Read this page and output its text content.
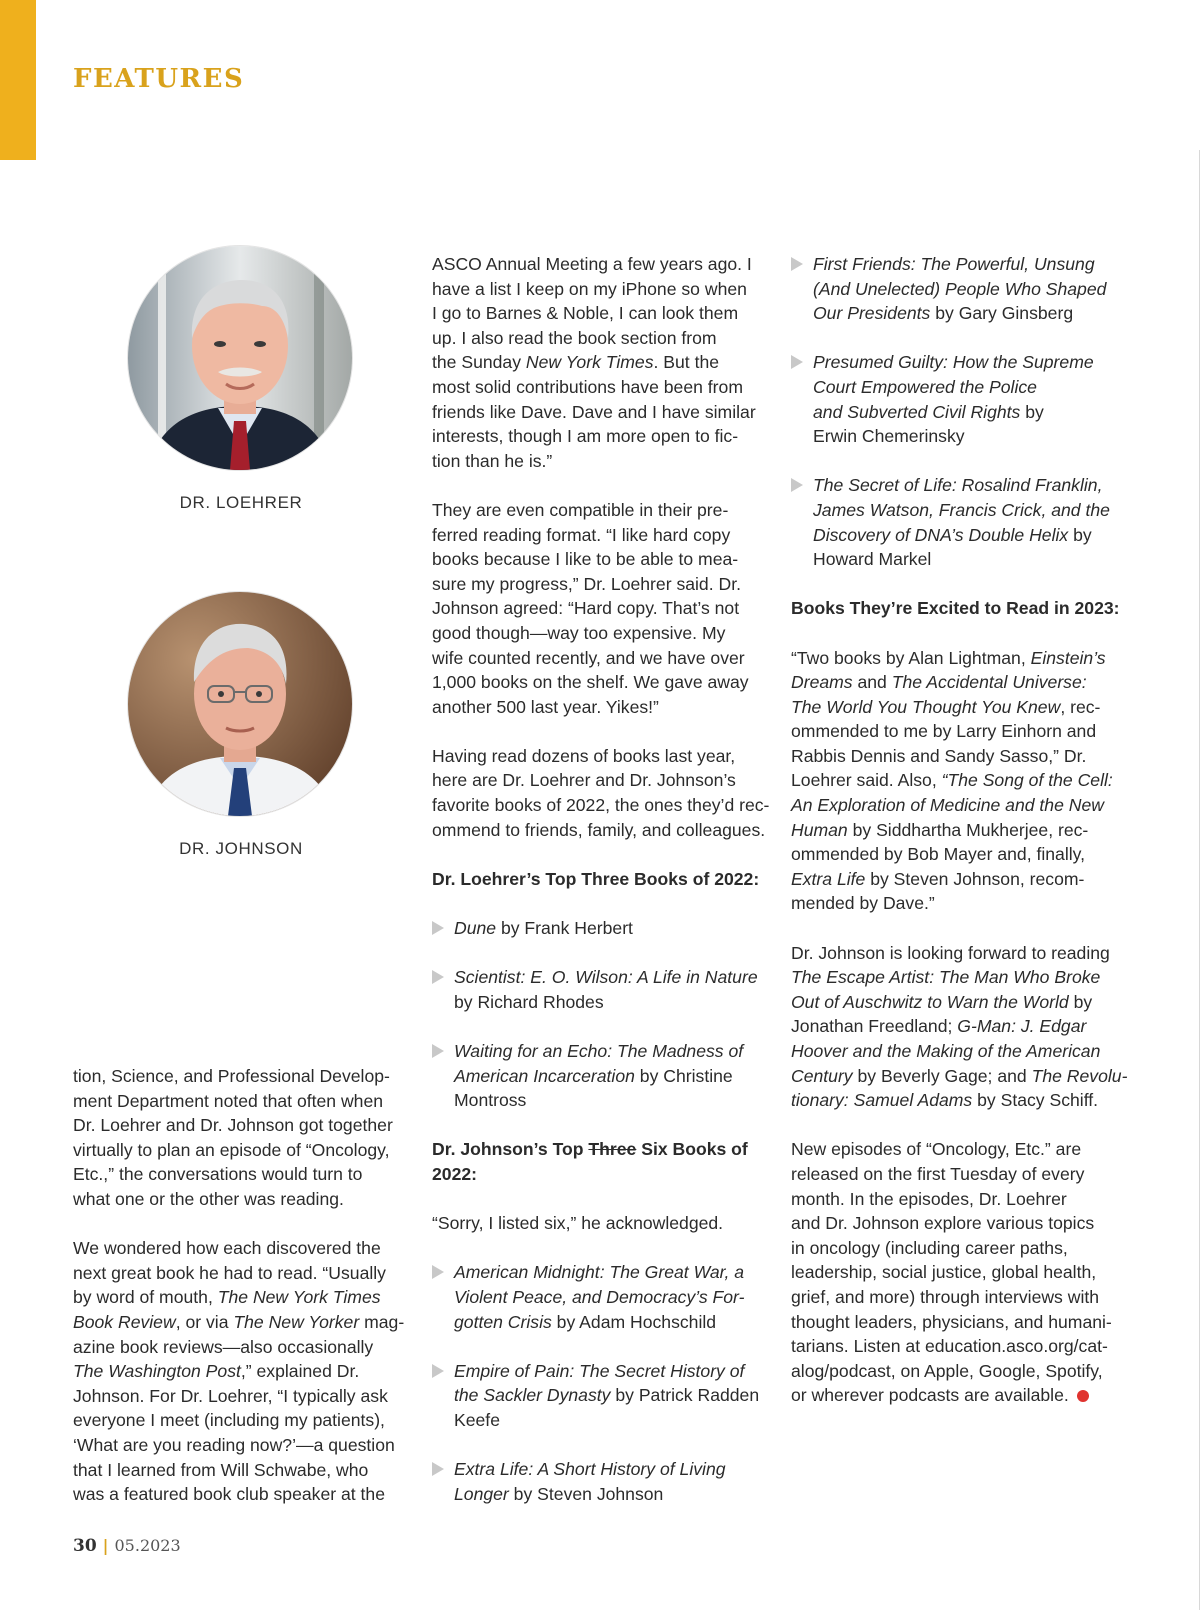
FEATURES
DR. LOEHRER
DR. JOHNSON

tion, Science, and Professional Develop-
ment Department noted that often when
Dr. Loehrer and Dr. Johnson got together
virtually to plan an episode of “Oncology,
Etc.,” the conversations would turn to
what one or the other was reading.

We wondered how each discovered the
next great book he had to read. “Usually
by word of mouth, The New York Times
Book Review, or via The New Yorker mag-
azine book reviews—also occasionally
The Washington Post,” explained Dr.
Johnson. For Dr. Loehrer, “I typically ask
everyone I meet (including my patients),
‘What are you reading now?’—a question
that I learned from Will Schwabe, who
was a featured book club speaker at the

ASCO Annual Meeting a few years ago. I
have a list I keep on my iPhone so when
I go to Barnes & Noble, I can look them
up. I also read the book section from
the Sunday New York Times. But the
most solid contributions have been from
friends like Dave. Dave and I have similar
interests, though I am more open to fic-
tion than he is.”

They are even compatible in their pre-
ferred reading format. “I like hard copy
books because I like to be able to mea-
sure my progress,” Dr. Loehrer said. Dr.
Johnson agreed: “Hard copy. That’s not
good though—way too expensive. My
wife counted recently, and we have over
1,000 books on the shelf. We gave away
another 500 last year. Yikes!”

Having read dozens of books last year,
here are Dr. Loehrer and Dr. Johnson’s
favorite books of 2022, the ones they’d rec-
ommend to friends, family, and colleagues.

Dr. Loehrer’s Top Three Books of 2022:

Dune by Frank Herbert
Scientist: E. O. Wilson: A Life in Nature
by Richard Rhodes
Waiting for an Echo: The Madness of
American Incarceration by Christine
Montross

Dr. Johnson’s Top Three Six Books of
2022:

“Sorry, I listed six,” he acknowledged.

American Midnight: The Great War, a
Violent Peace, and Democracy’s For-
gotten Crisis by Adam Hochschild
Empire of Pain: The Secret History of
the Sackler Dynasty by Patrick Radden
Keefe
Extra Life: A Short History of Living
Longer by Steven Johnson
First Friends: The Powerful, Unsung
(And Unelected) People Who Shaped
Our Presidents by Gary Ginsberg
Presumed Guilty: How the Supreme
Court Empowered the Police
and Subverted Civil Rights by
Erwin Chemerinsky
The Secret of Life: Rosalind Franklin,
James Watson, Francis Crick, and the
Discovery of DNA’s Double Helix by
Howard Markel

Books They’re Excited to Read in 2023:

“Two books by Alan Lightman, Einstein’s
Dreams and The Accidental Universe:
The World You Thought You Knew, rec-
ommended to me by Larry Einhorn and
Rabbis Dennis and Sandy Sasso,” Dr.
Loehrer said. Also, “The Song of the Cell:
An Exploration of Medicine and the New
Human by Siddhartha Mukherjee, rec-
ommended by Bob Mayer and, finally,
Extra Life by Steven Johnson, recom-
mended by Dave.”

Dr. Johnson is looking forward to reading
The Escape Artist: The Man Who Broke
Out of Auschwitz to Warn the World by
Jonathan Freedland; G-Man: J. Edgar
Hoover and the Making of the American
Century by Beverly Gage; and The Revolu-
tionary: Samuel Adams by Stacy Schiff.

New episodes of “Oncology, Etc.” are
released on the first Tuesday of every
month. In the episodes, Dr. Loehrer
and Dr. Johnson explore various topics
in oncology (including career paths,
leadership, social justice, global health,
grief, and more) through interviews with
thought leaders, physicians, and humani-
tarians. Listen at education.asco.org/cat-
alog/podcast, on Apple, Google, Spotify,
or wherever podcasts are available.

30 | 05.2023
